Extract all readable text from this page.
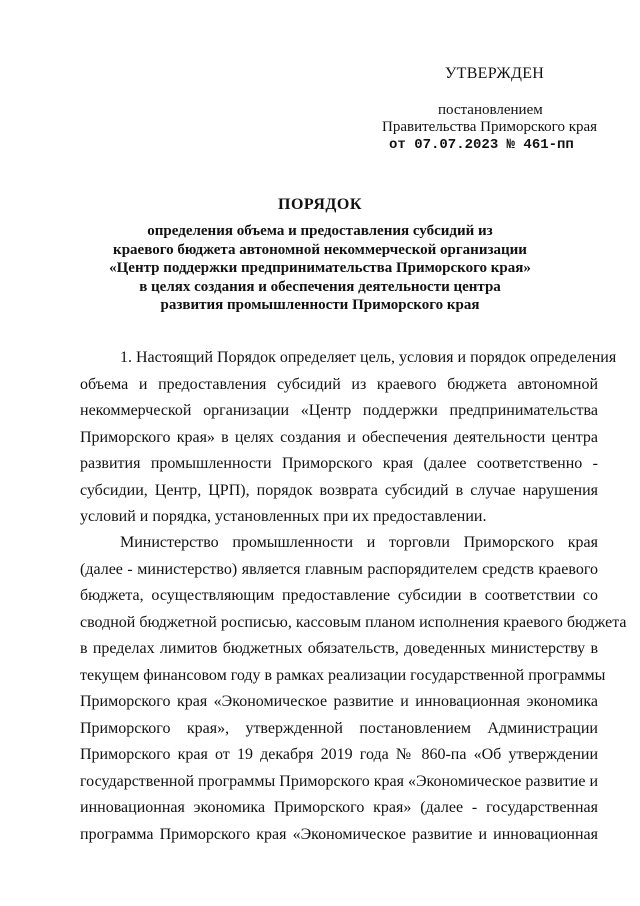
УТВЕРЖДЕН
постановлением
Правительства Приморского края
от 07.07.2023 № 461-пп
ПОРЯДОК
определения объема и предоставления субсидий из
краевого бюджета автономной некоммерческой организации
«Центр поддержки предпринимательства Приморского края»
в целях создания и обеспечения деятельности центра
развития промышленности Приморского края
1. Настоящий Порядок определяет цель, условия и порядок определения
объема и предоставления субсидий из краевого бюджета автономной
некоммерческой организации «Центр поддержки предпринимательства
Приморского края» в целях создания и обеспечения деятельности центра
развития промышленности Приморского края (далее соответственно -
субсидии, Центр, ЦРП), порядок возврата субсидий в случае нарушения
условий и порядка, установленных при их предоставлении.
Министерство промышленности и торговли Приморского края
(далее - министерство) является главным распорядителем средств краевого
бюджета, осуществляющим предоставление субсидии в соответствии со
сводной бюджетной росписью, кассовым планом исполнения краевого бюджета
в пределах лимитов бюджетных обязательств, доведенных министерству в
текущем финансовом году в рамках реализации государственной программы
Приморского края «Экономическое развитие и инновационная экономика
Приморского края», утвержденной постановлением Администрации
Приморского края от 19 декабря 2019 года № 860-па «Об утверждении
государственной программы Приморского края «Экономическое развитие и
инновационная экономика Приморского края» (далее - государственная
программа Приморского края «Экономическое развитие и инновационная
